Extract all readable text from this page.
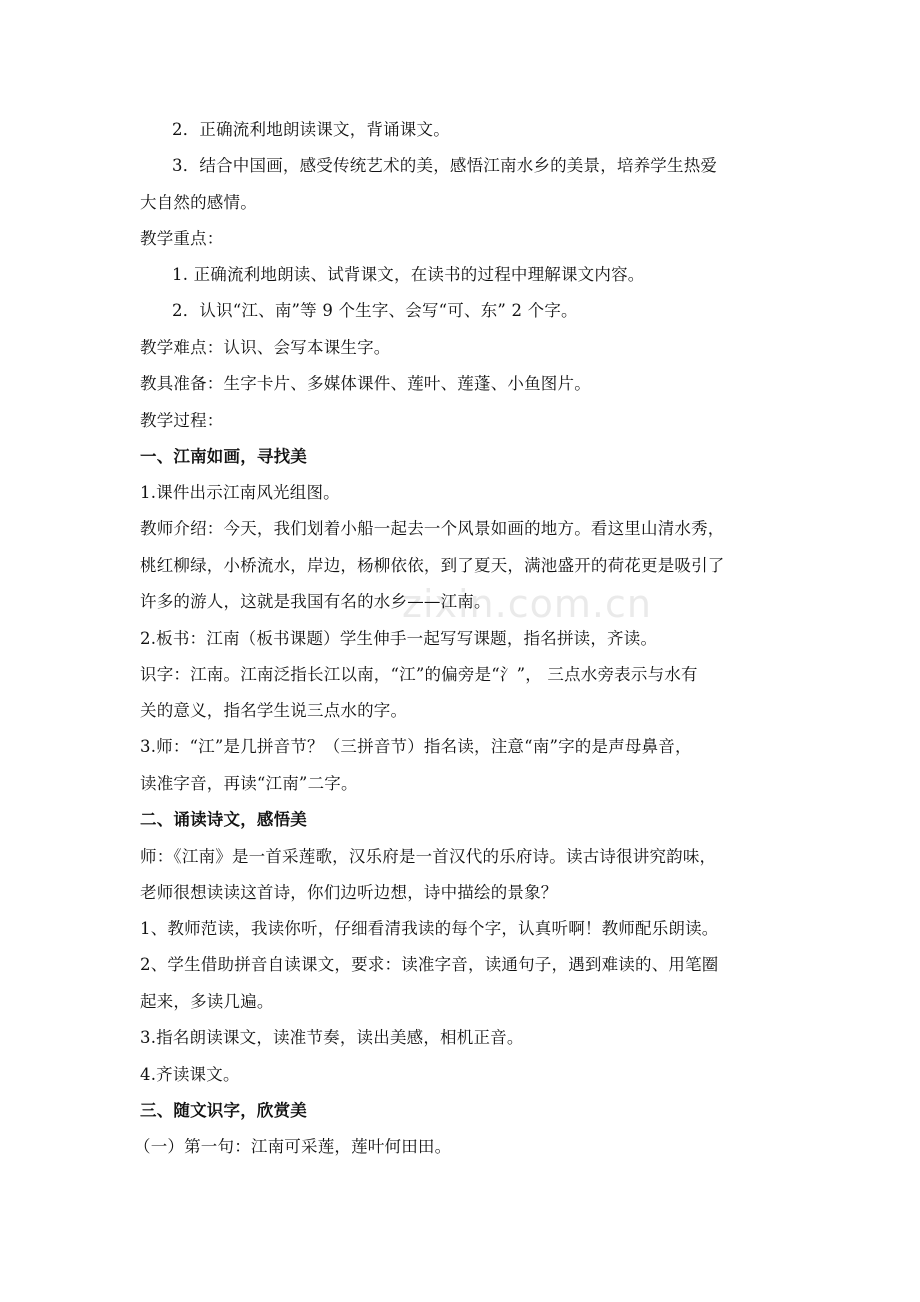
zixin.com.cn
2．正确流利地朗读课文，背诵课文。
3．结合中国画，感受传统艺术的美，感悟江南水乡的美景，培养学生热爱
大自然的感情。
教学重点：
1. 正确流利地朗读、试背课文，在读书的过程中理解课文内容。
2．认识“江、南”等 9 个生字、会写“可、东” 2 个字。
教学难点：认识、会写本课生字。
教具准备：生字卡片、多媒体课件、莲叶、莲蓬、小鱼图片。
教学过程：
一、江南如画，寻找美
1.课件出示江南风光组图。
教师介绍：今天，我们划着小船一起去一个风景如画的地方。看这里山清水秀，
桃红柳绿，小桥流水，岸边，杨柳依依，到了夏天，满池盛开的荷花更是吸引了
许多的游人，这就是我国有名的水乡——江南。
2.板书：江南（板书课题）学生伸手一起写写课题，指名拼读，齐读。
识字：江南。江南泛指长江以南，“江”的偏旁是“氵”， 三点水旁表示与水有
关的意义，指名学生说三点水的字。
3.师：“江”是几拼音节？（三拼音节）指名读，注意“南”字的是声母鼻音，
读准字音，再读“江南”二字。
二、诵读诗文，感悟美
师：《江南》是一首采莲歌，汉乐府是一首汉代的乐府诗。读古诗很讲究韵味，
老师很想读读这首诗，你们边听边想，诗中描绘的景象？
1、教师范读，我读你听，仔细看清我读的每个字，认真听啊！教师配乐朗读。
2、学生借助拼音自读课文，要求：读准字音，读通句子，遇到难读的、用笔圈
起来，多读几遍。
3.指名朗读课文，读准节奏，读出美感，相机正音。
4.齐读课文。
三、随文识字，欣赏美
（一）第一句：江南可采莲，莲叶何田田。
